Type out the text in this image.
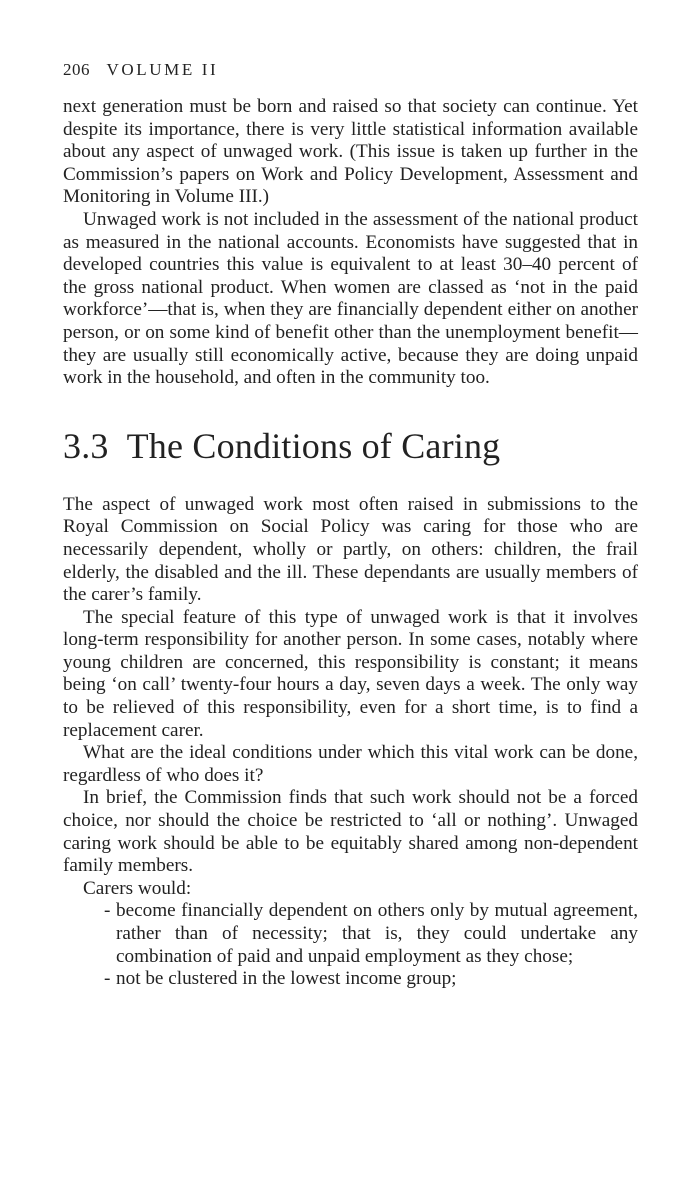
206 VOLUME II

next generation must be born and raised so that society can continue. Yet despite its importance, there is very little statistical information available about any aspect of unwaged work. (This issue is taken up further in the Commission’s papers on Work and Policy Development, Assessment and Monitoring in Volume III.)

Unwaged work is not included in the assessment of the national product as measured in the national accounts. Economists have suggested that in developed countries this value is equivalent to at least 30–40 percent of the gross national product. When women are classed as ‘not in the paid workforce’—that is, when they are financially dependent either on another person, or on some kind of benefit other than the unemployment benefit—they are usually still economically active, because they are doing unpaid work in the household, and often in the community too.

3.3 The Conditions of Caring

The aspect of unwaged work most often raised in submissions to the Royal Commission on Social Policy was caring for those who are necessarily dependent, wholly or partly, on others: children, the frail elderly, the disabled and the ill. These dependants are usually members of the carer’s family.

The special feature of this type of unwaged work is that it involves long-term responsibility for another person. In some cases, notably where young children are concerned, this responsibility is constant; it means being ‘on call’ twenty-four hours a day, seven days a week. The only way to be relieved of this responsibility, even for a short time, is to find a replacement carer.

What are the ideal conditions under which this vital work can be done, regardless of who does it?

In brief, the Commission finds that such work should not be a forced choice, nor should the choice be restricted to ‘all or nothing’. Unwaged caring work should be able to be equitably shared among non-dependent family members.

Carers would:

- become financially dependent on others only by mutual agreement, rather than of necessity; that is, they could undertake any combination of paid and unpaid employment as they chose;
- not be clustered in the lowest income group;
